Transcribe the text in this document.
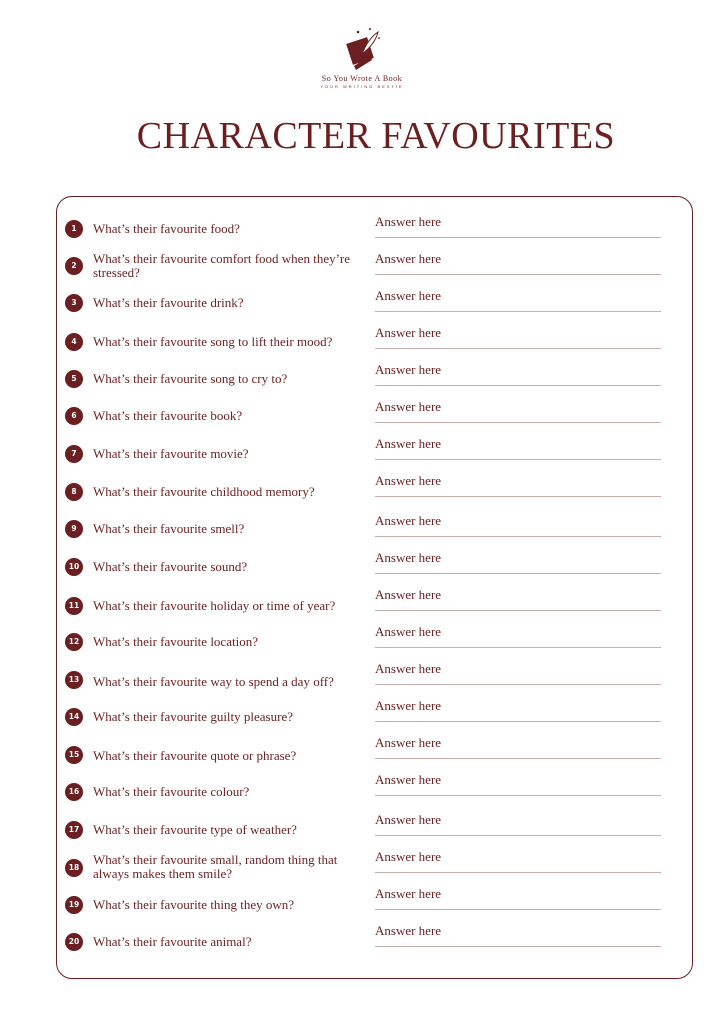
So You Wrote A Book
YOUR WRITING BESTIE
CHARACTER FAVOURITES
1	What’s their favourite food?	Answer here
2	What’s their favourite comfort food when they’re stressed?
Answer here
3	What’s their favourite drink?	Answer here
4	What’s their favourite song to lift their mood?
Answer here
5	What’s their favourite song to cry to?
Answer here
6	What’s their favourite book?
Answer here
7	What’s their favourite movie?
Answer here
8	What’s their favourite childhood memory?
Answer here
9	What’s their favourite smell?
Answer here
10 What’s their favourite sound?
Answer here
11 What’s their favourite holiday or time of year?
Answer here
12 What’s their favourite location?
Answer here
13 What’s their favourite way to spend a day off?
Answer here
14 What’s their favourite guilty pleasure?
Answer here
15 What’s their favourite quote or phrase?
Answer here
16 What’s their favourite colour?
Answer here
17 What’s their favourite type of weather?
Answer here
18
What’s their favourite small, random thing that always makes them smile?
Answer here
19 What’s their favourite thing they own?
Answer here
20 What’s their favourite animal?
Answer here
